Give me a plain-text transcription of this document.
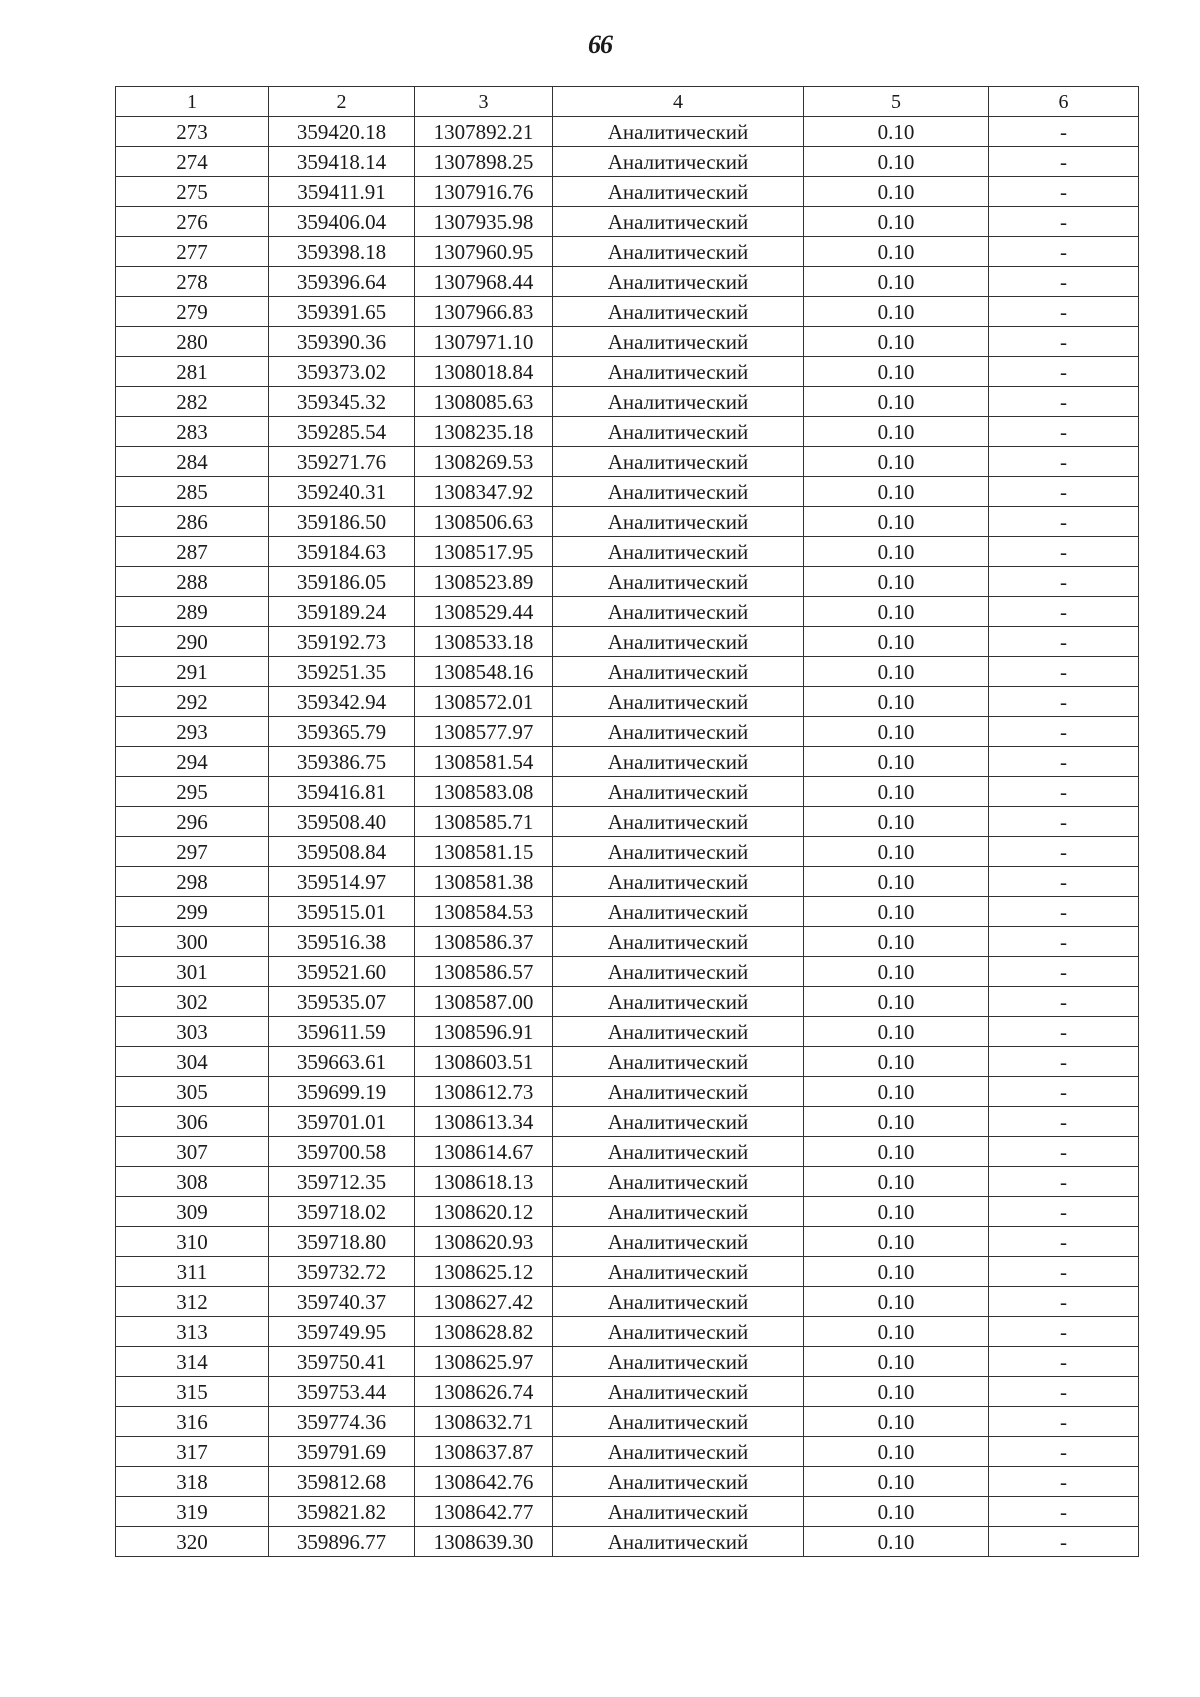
66
1	2	3	4	5	6
273	359420.18	1307892.21	Аналитический	0.10	-
274	359418.14	1307898.25	Аналитический	0.10	-
275	359411.91	1307916.76	Аналитический	0.10	-
276	359406.04	1307935.98	Аналитический	0.10	-
277	359398.18	1307960.95	Аналитический	0.10	-
278	359396.64	1307968.44	Аналитический	0.10	-
279	359391.65	1307966.83	Аналитический	0.10	-
280	359390.36	1307971.10	Аналитический	0.10	-
281	359373.02	1308018.84	Аналитический	0.10	-
282	359345.32	1308085.63	Аналитический	0.10	-
283	359285.54	1308235.18	Аналитический	0.10	-
284	359271.76	1308269.53	Аналитический	0.10	-
285	359240.31	1308347.92	Аналитический	0.10	-
286	359186.50	1308506.63	Аналитический	0.10	-
287	359184.63	1308517.95	Аналитический	0.10	-
288	359186.05	1308523.89	Аналитический	0.10	-
289	359189.24	1308529.44	Аналитический	0.10	-
290	359192.73	1308533.18	Аналитический	0.10	-
291	359251.35	1308548.16	Аналитический	0.10	-
292	359342.94	1308572.01	Аналитический	0.10	-
293	359365.79	1308577.97	Аналитический	0.10	-
294	359386.75	1308581.54	Аналитический	0.10	-
295	359416.81	1308583.08	Аналитический	0.10	-
296	359508.40	1308585.71	Аналитический	0.10	-
297	359508.84	1308581.15	Аналитический	0.10	-
298	359514.97	1308581.38	Аналитический	0.10	-
299	359515.01	1308584.53	Аналитический	0.10	-
300	359516.38	1308586.37	Аналитический	0.10	-
301	359521.60	1308586.57	Аналитический	0.10	-
302	359535.07	1308587.00	Аналитический	0.10	-
303	359611.59	1308596.91	Аналитический	0.10	-
304	359663.61	1308603.51	Аналитический	0.10	-
305	359699.19	1308612.73	Аналитический	0.10	-
306	359701.01	1308613.34	Аналитический	0.10	-
307	359700.58	1308614.67	Аналитический	0.10	-
308	359712.35	1308618.13	Аналитический	0.10	-
309	359718.02	1308620.12	Аналитический	0.10	-
310	359718.80	1308620.93	Аналитический	0.10	-
311	359732.72	1308625.12	Аналитический	0.10	-
312	359740.37	1308627.42	Аналитический	0.10	-
313	359749.95	1308628.82	Аналитический	0.10	-
314	359750.41	1308625.97	Аналитический	0.10	-
315	359753.44	1308626.74	Аналитический	0.10	-
316	359774.36	1308632.71	Аналитический	0.10	-
317	359791.69	1308637.87	Аналитический	0.10	-
318	359812.68	1308642.76	Аналитический	0.10	-
319	359821.82	1308642.77	Аналитический	0.10	-
320	359896.77	1308639.30	Аналитический	0.10	-
